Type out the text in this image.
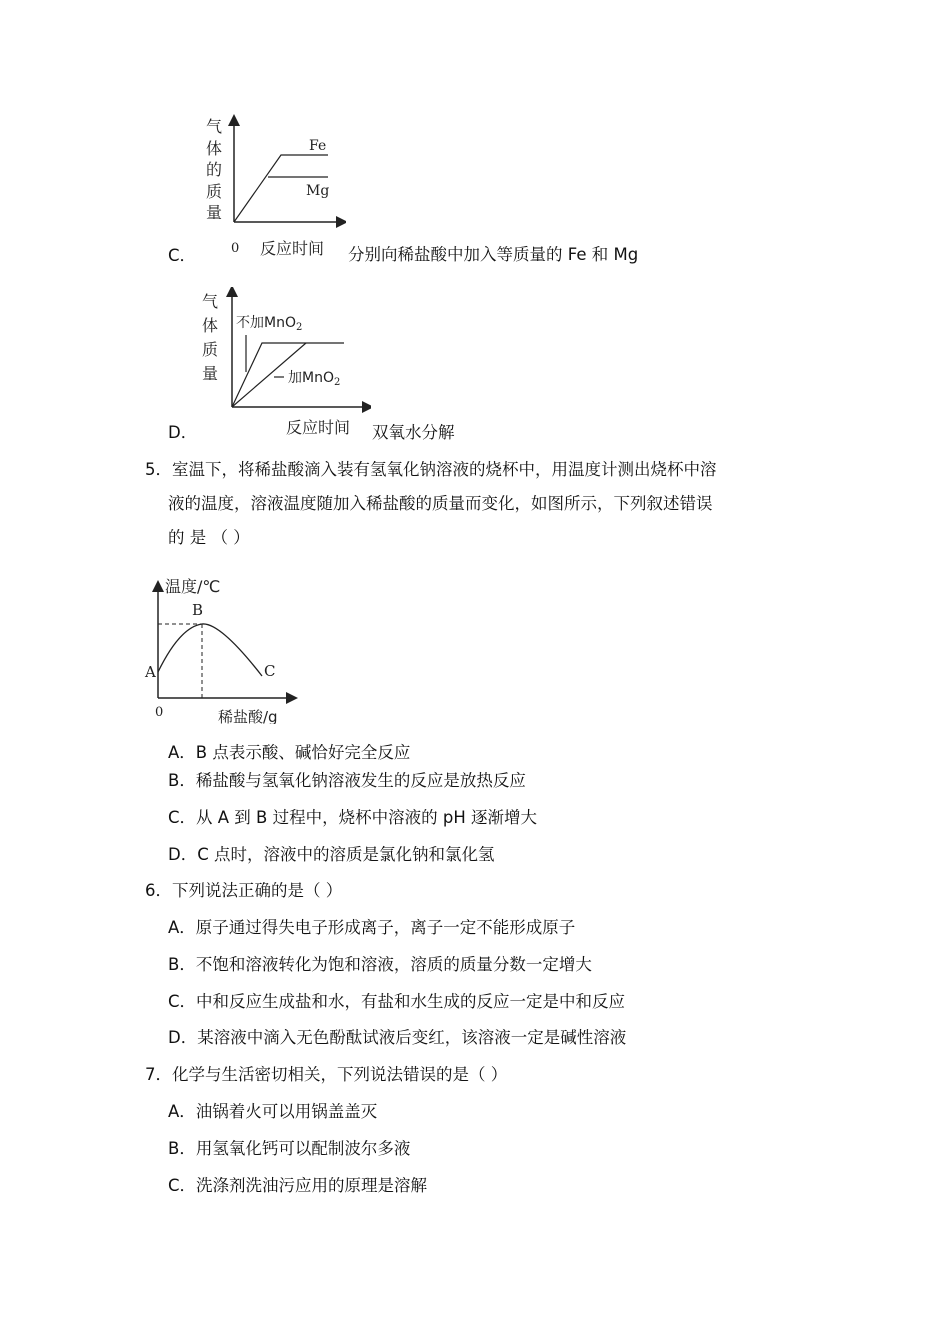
气
体
的
质
量
Fe
Mg
0 反应时间
C．	分别向稀盐酸中加入等质量的 Fe 和 Mg
气
体
质
量
不加MnO$_2$
加MnO$_2$
反应时间
D．	双氧水分解
5．室温下，将稀盐酸滴入装有氢氧化钠溶液的烧杯中，用温度计测出烧杯中溶
液的温度，溶液温度随加入稀盐酸的质量而变化，如图所示，下列叙述错误
的 是 （ ）
温度/℃
A
B
C
0	稀盐酸/g
A．B 点表示酸、碱恰好完全反应
B．稀盐酸与氢氧化钠溶液发生的反应是放热反应
C．从 A 到 B 过程中，烧杯中溶液的 pH 逐渐增大
D．C 点时，溶液中的溶质是氯化钠和氯化氢
6．下列说法正确的是（ ）
A．原子通过得失电子形成离子，离子一定不能形成原子
B．不饱和溶液转化为饱和溶液，溶质的质量分数一定增大
C．中和反应生成盐和水，有盐和水生成的反应一定是中和反应
D．某溶液中滴入无色酚酞试液后变红，该溶液一定是碱性溶液
7．化学与生活密切相关，下列说法错误的是（ ）
A．油锅着火可以用锅盖盖灭
B．用氢氧化钙可以配制波尔多液
C．洗涤剂洗油污应用的原理是溶解
